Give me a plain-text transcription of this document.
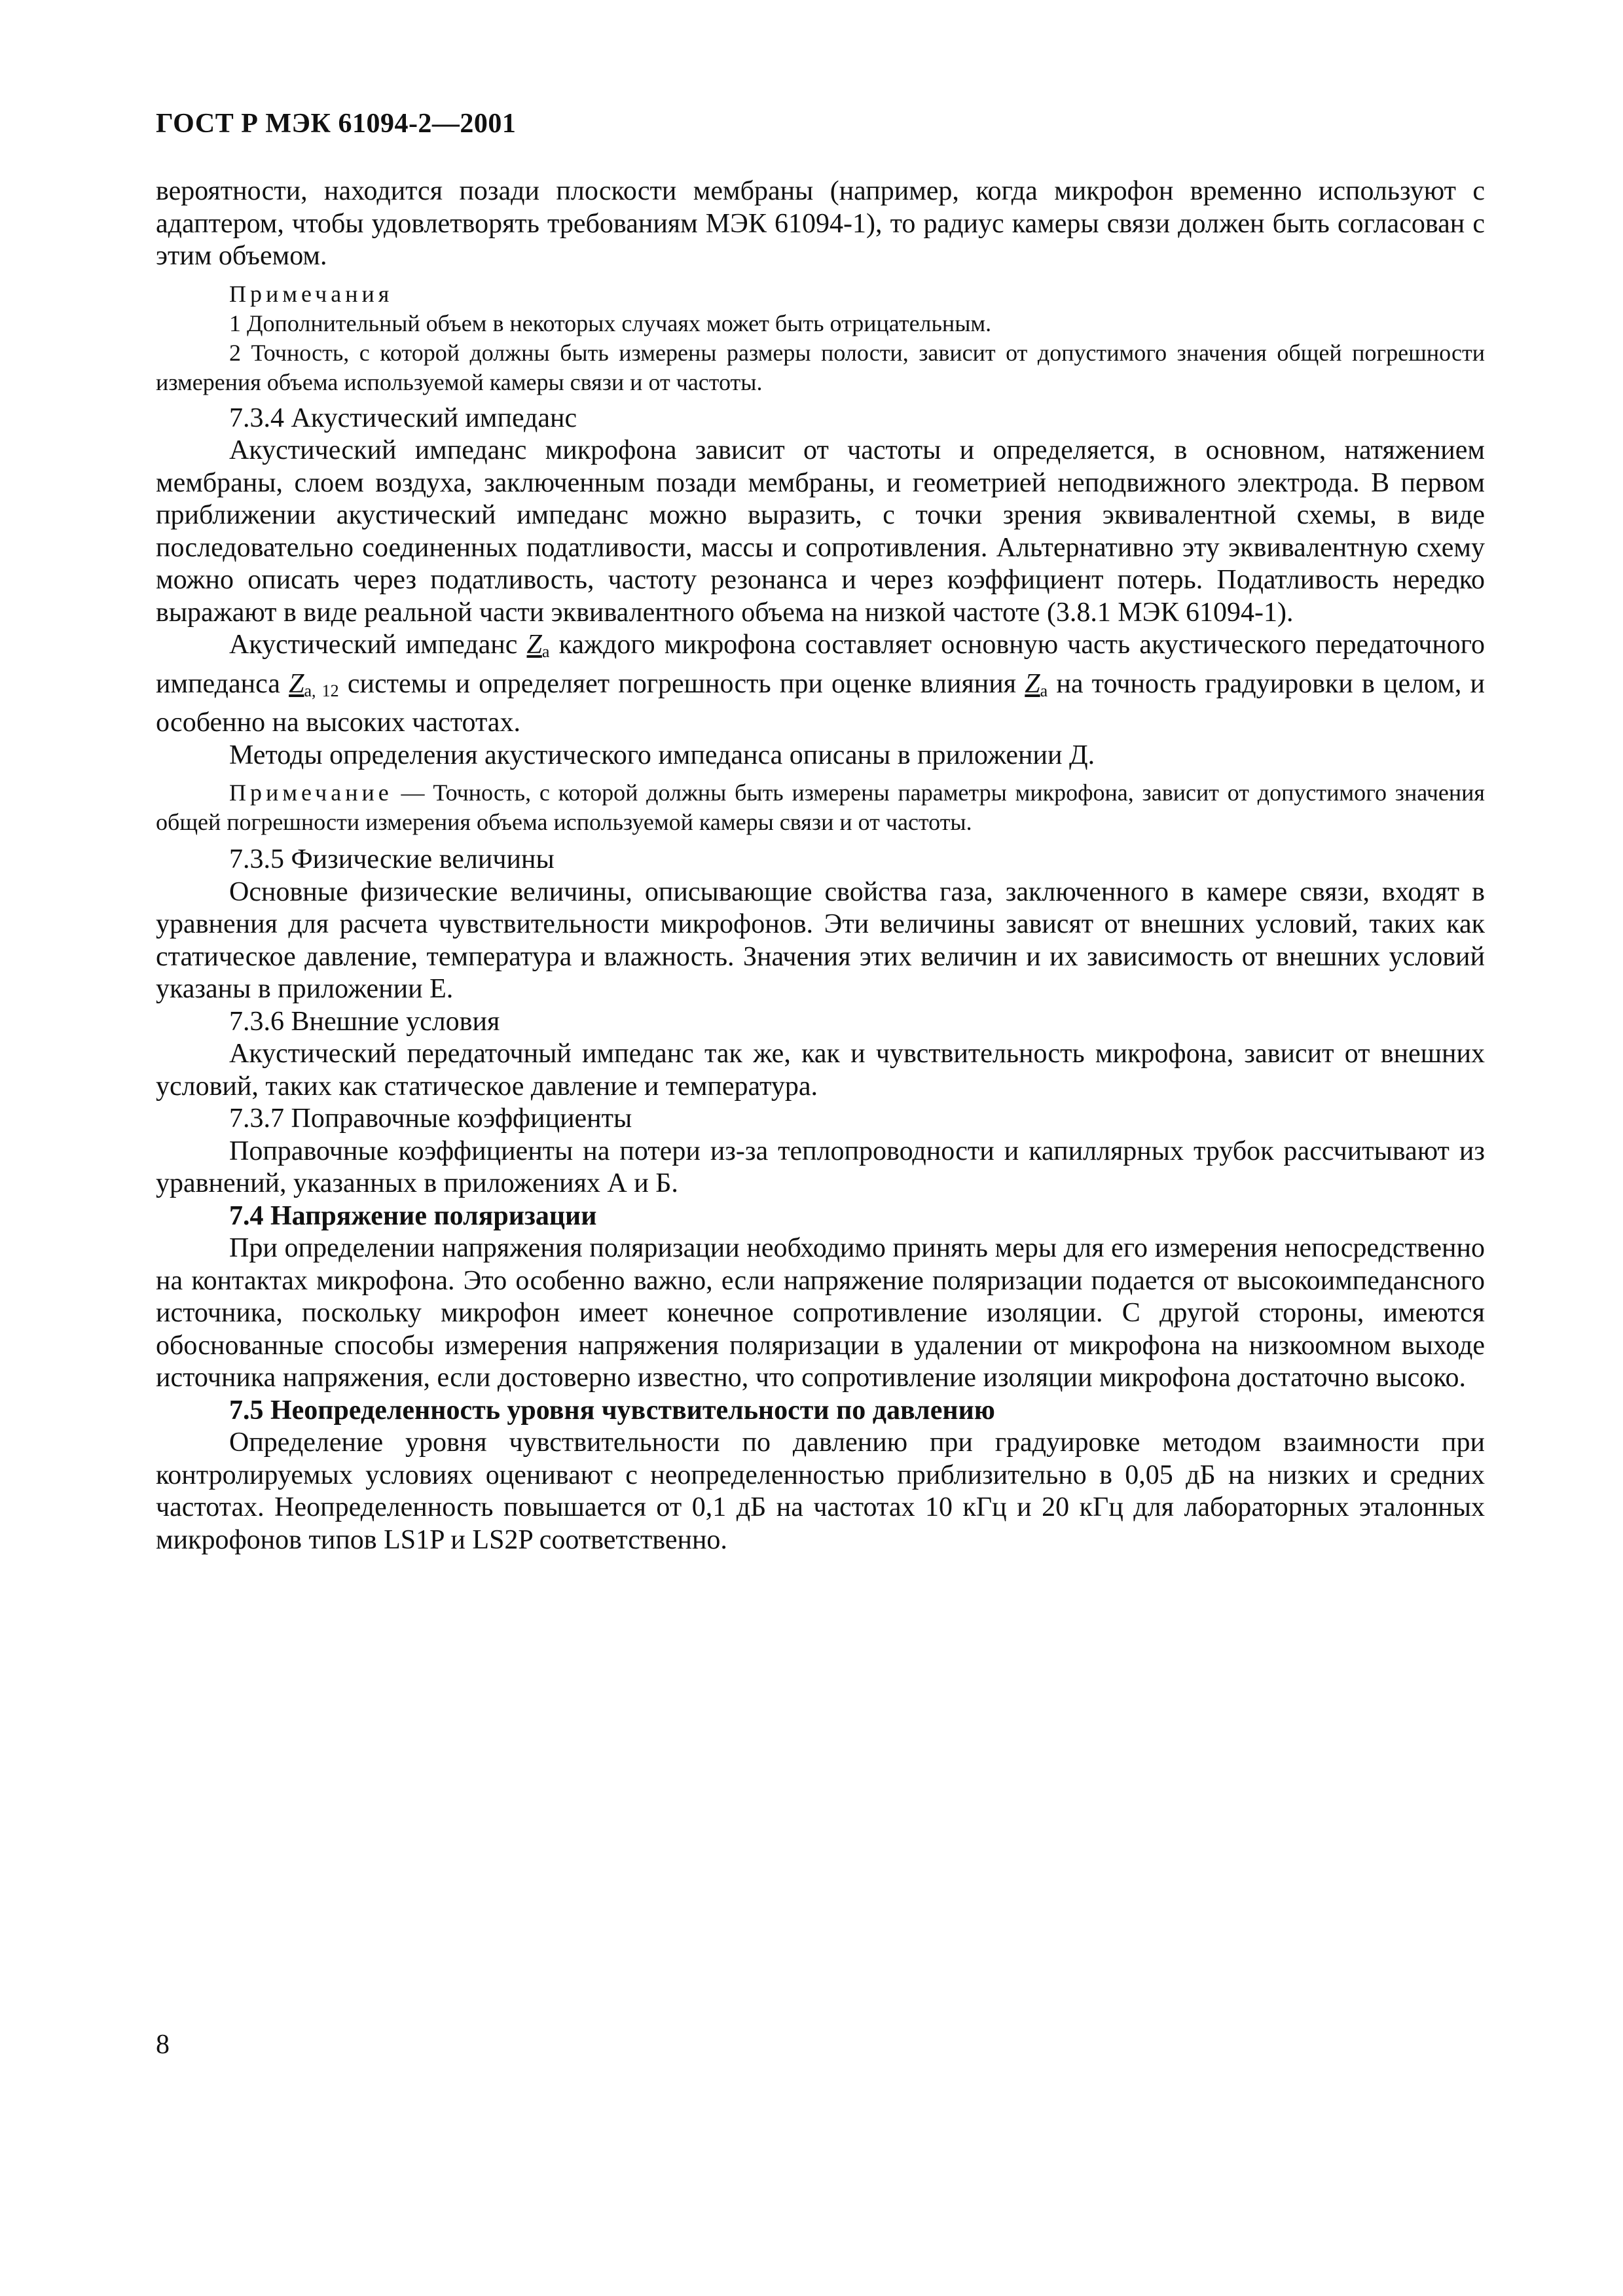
ГОСТ Р МЭК 61094-2—2001

вероятности, находится позади плоскости мембраны (например, когда микрофон временно используют с адаптером, чтобы удовлетворять требованиям МЭК 61094-1), то радиус камеры связи должен быть согласован с этим объемом.

Примечания

1 Дополнительный объем в некоторых случаях может быть отрицательным.

2 Точность, с которой должны быть измерены размеры полости, зависит от допустимого значения общей погрешности измерения объема используемой камеры связи и от частоты.

7.3.4 Акустический импеданс

Акустический импеданс микрофона зависит от частоты и определяется, в основном, натяжением мембраны, слоем воздуха, заключенным позади мембраны, и геометрией неподвижного электрода. В первом приближении акустический импеданс можно выразить, с точки зрения эквивалентной схемы, в виде последовательно соединенных податливости, массы и сопротивления. Альтернативно эту эквивалентную схему можно описать через податливость, частоту резонанса и через коэффициент потерь. Податливость нередко выражают в виде реальной части эквивалентного объема на низкой частоте (3.8.1 МЭК 61094-1).

Акустический импеданс $Z_a$ каждого микрофона составляет основную часть акустического передаточного импеданса $Z_{a, 12}$ системы и определяет погрешность при оценке влияния $Z_a$ на точность градуировки в целом, и особенно на высоких частотах.

Методы определения акустического импеданса описаны в приложении Д.

Примечание — Точность, с которой должны быть измерены параметры микрофона, зависит от допустимого значения общей погрешности измерения объема используемой камеры связи и от частоты.

7.3.5 Физические величины

Основные физические величины, описывающие свойства газа, заключенного в камере связи, входят в уравнения для расчета чувствительности микрофонов. Эти величины зависят от внешних условий, таких как статическое давление, температура и влажность. Значения этих величин и их зависимость от внешних условий указаны в приложении Е.

7.3.6 Внешние условия

Акустический передаточный импеданс так же, как и чувствительность микрофона, зависит от внешних условий, таких как статическое давление и температура.

7.3.7 Поправочные коэффициенты

Поправочные коэффициенты на потери из-за теплопроводности и капиллярных трубок рассчитывают из уравнений, указанных в приложениях А и Б.

7.4 Напряжение поляризации

При определении напряжения поляризации необходимо принять меры для его измерения непосредственно на контактах микрофона. Это особенно важно, если напряжение поляризации подается от высокоимпедансного источника, поскольку микрофон имеет конечное сопротивление изоляции. С другой стороны, имеются обоснованные способы измерения напряжения поляризации в удалении от микрофона на низкоомном выходе источника напряжения, если достоверно известно, что сопротивление изоляции микрофона достаточно высоко.

7.5 Неопределенность уровня чувствительности по давлению

Определение уровня чувствительности по давлению при градуировке методом взаимности при контролируемых условиях оценивают с неопределенностью приблизительно в 0,05 дБ на низких и средних частотах. Неопределенность повышается от 0,1 дБ на частотах 10 кГц и 20 кГц для лабораторных эталонных микрофонов типов LS1P и LS2P соответственно.

8
